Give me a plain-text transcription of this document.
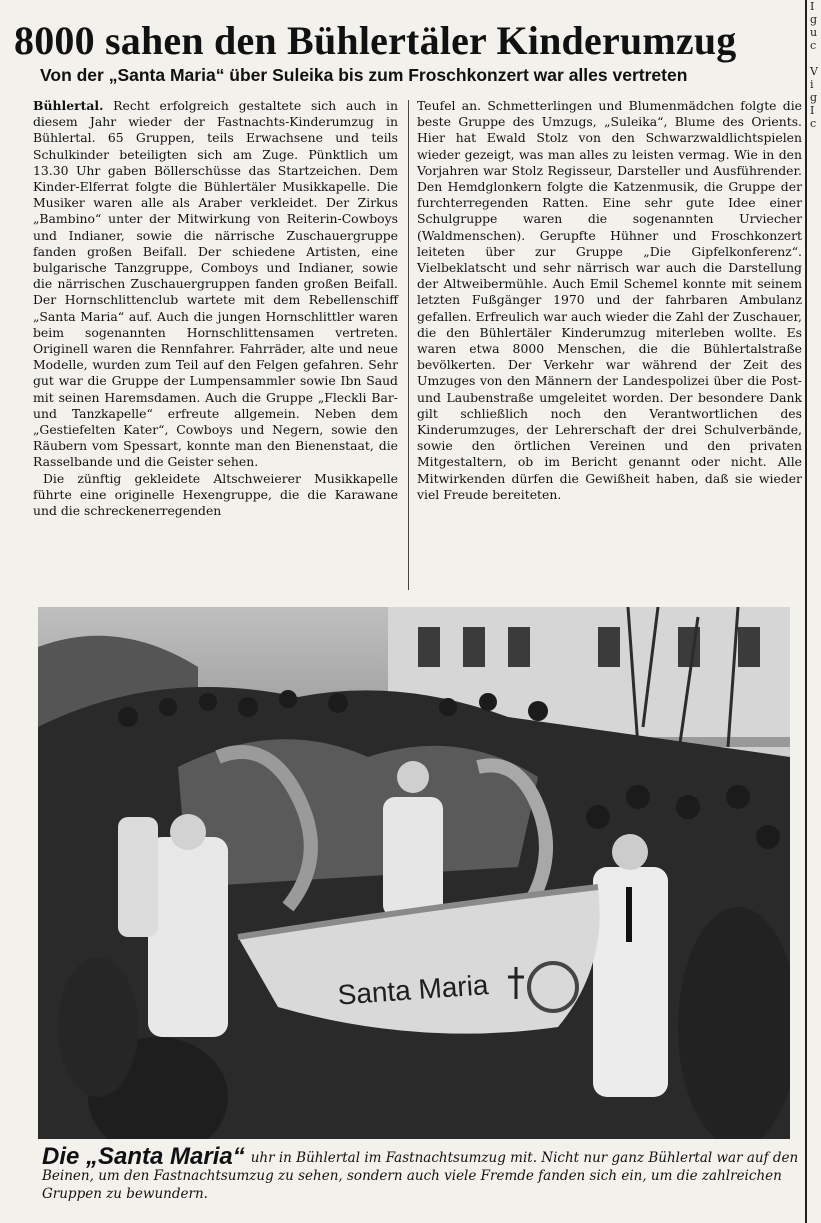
I
g
u
c

V
i
g
I
c
8000 sahen den Bühlertäler Kinderumzug
Von der „Santa Maria“ über Suleika bis zum Froschkonzert war alles vertreten

Bühlertal. Recht erfolgreich gestaltete sich auch in diesem Jahr wieder der Fastnachts-Kinderumzug in Bühlertal. 65 Gruppen, teils Erwachsene und teils Schulkinder beteiligten sich am Zuge. Pünktlich um 13.30 Uhr gaben Böllerschüsse das Startzeichen. Dem Kinder-Elferrat folgte die Bühlertäler Musikkapelle. Die Musiker waren alle als Araber verkleidet. Der Zirkus „Bambino“ unter der Mitwirkung von Reiterin-Cowboys und Indianer, sowie die närrische Zuschauergruppe fanden großen Beifall. Der schiedene Artisten, eine bulgarische Tanzgruppe, Comboys und Indianer, sowie die närrischen Zuschauergruppen fanden großen Beifall. Der Hornschlittenclub wartete mit dem Rebellenschiff „Santa Maria“ auf. Auch die jungen Hornschlittler waren beim sogenannten Hornschlittensamen vertreten. Originell waren die Rennfahrer. Fahrräder, alte und neue Modelle, wurden zum Teil auf den Felgen gefahren. Sehr gut war die Gruppe der Lumpensammler sowie Ibn Saud mit seinen Haremsdamen. Auch die Gruppe „Fleckli Bar- und Tanzkapelle“ erfreute allgemein. Neben dem „Gestiefelten Kater“, Cowboys und Negern, sowie den Räubern vom Spessart, konnte man den Bienenstaat, die Rasselbande und die Geister sehen.

Die zünftig gekleidete Altschweierer Musikkapelle führte eine originelle Hexengruppe, die die Karawane und die schreckenerregenden

Teufel an. Schmetterlingen und Blumenmädchen folgte die beste Gruppe des Umzugs, „Suleika“, Blume des Orients. Hier hat Ewald Stolz von den Schwarzwaldlichtspielen wieder gezeigt, was man alles zu leisten vermag. Wie in den Vorjahren war Stolz Regisseur, Darsteller und Ausführender. Den Hemdglonkern folgte die Katzenmusik, die Gruppe der furchterregenden Ratten. Eine sehr gute Idee einer Schulgruppe waren die sogenannten Urviecher (Waldmenschen). Gerupfte Hühner und Froschkonzert leiteten über zur Gruppe „Die Gipfelkonferenz“. Vielbeklatscht und sehr närrisch war auch die Darstellung der Altweibermühle. Auch Emil Schemel konnte mit seinem letzten Fußgänger 1970 und der fahrbaren Ambulanz gefallen. Erfreulich war auch wieder die Zahl der Zuschauer, die den Bühlertäler Kinderumzug miterleben wollte. Es waren etwa 8000 Menschen, die die Bühlertalstraße bevölkerten. Der Verkehr war während der Zeit des Umzuges von den Männern der Landespolizei über die Post- und Laubenstraße umgeleitet worden. Der besondere Dank gilt schließlich noch den Verantwortlichen des Kinderumzuges, der Lehrerschaft der drei Schulverbände, sowie den örtlichen Vereinen und den privaten Mitgestaltern, ob im Bericht genannt oder nicht. Alle Mitwirkenden dürfen die Gewißheit haben, daß sie wieder viel Freude bereiteten.

Santa Maria
Die „Santa Maria“ uhr in Bühlertal im Fastnachtsumzug mit. Nicht nur ganz Bühlertal war auf den Beinen, um den Fastnachtsumzug zu sehen, sondern auch viele Fremde fanden sich ein, um die zahlreichen Gruppen zu bewundern.
